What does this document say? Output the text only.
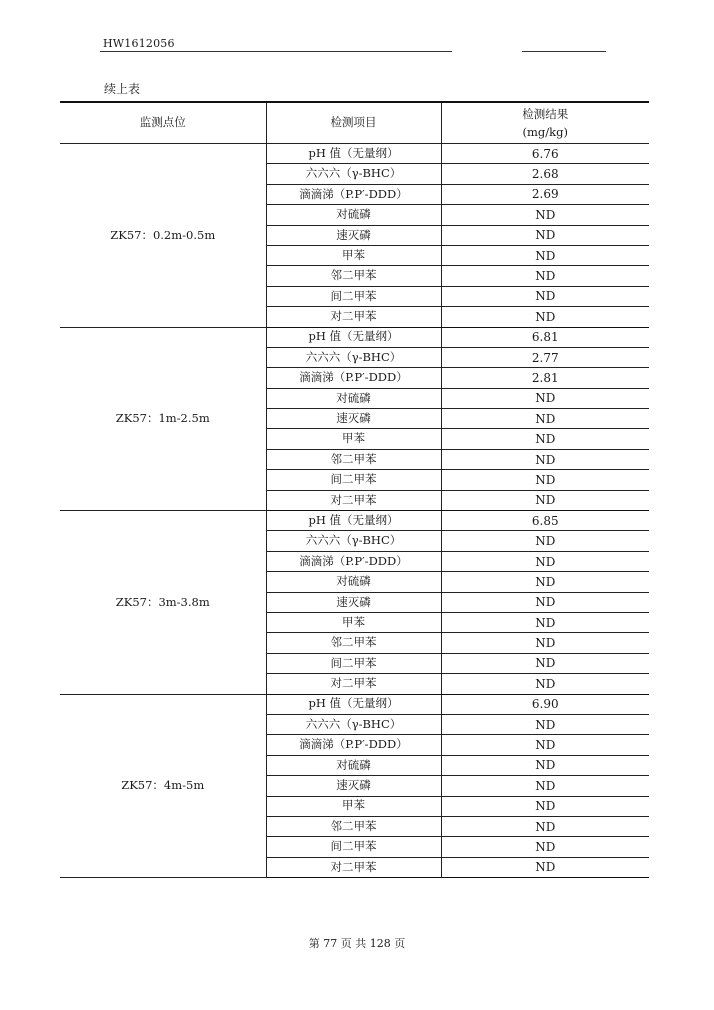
HW1612056
续上表
监测点位	检测项目	检测结果
(mg/kg)

ZK57：0.2m-0.5m	pH 值（无量纲）	6.76
	六六六（γ-BHC）	2.68
	滴滴涕（P.P′-DDD）	2.69
	对硫磷	ND
	速灭磷	ND
	甲苯	ND
	邻二甲苯	ND
	间二甲苯	ND
	对二甲苯	ND
ZK57：1m-2.5m	pH 值（无量纲）	6.81
	六六六（γ-BHC）	2.77
	滴滴涕（P.P′-DDD）	2.81
	对硫磷	ND
	速灭磷	ND
	甲苯	ND
	邻二甲苯	ND
	间二甲苯	ND
	对二甲苯	ND
ZK57：3m-3.8m	pH 值（无量纲）	6.85
	六六六（γ-BHC）	ND
	滴滴涕（P.P′-DDD）	ND
	对硫磷	ND
	速灭磷	ND
	甲苯	ND
	邻二甲苯	ND
	间二甲苯	ND
	对二甲苯	ND
ZK57：4m-5m	pH 值（无量纲）	6.90
	六六六（γ-BHC）	ND
	滴滴涕（P.P′-DDD）	ND
	对硫磷	ND
	速灭磷	ND
	甲苯	ND
	邻二甲苯	ND
	间二甲苯	ND
	对二甲苯	ND
第 77 页 共 128 页
